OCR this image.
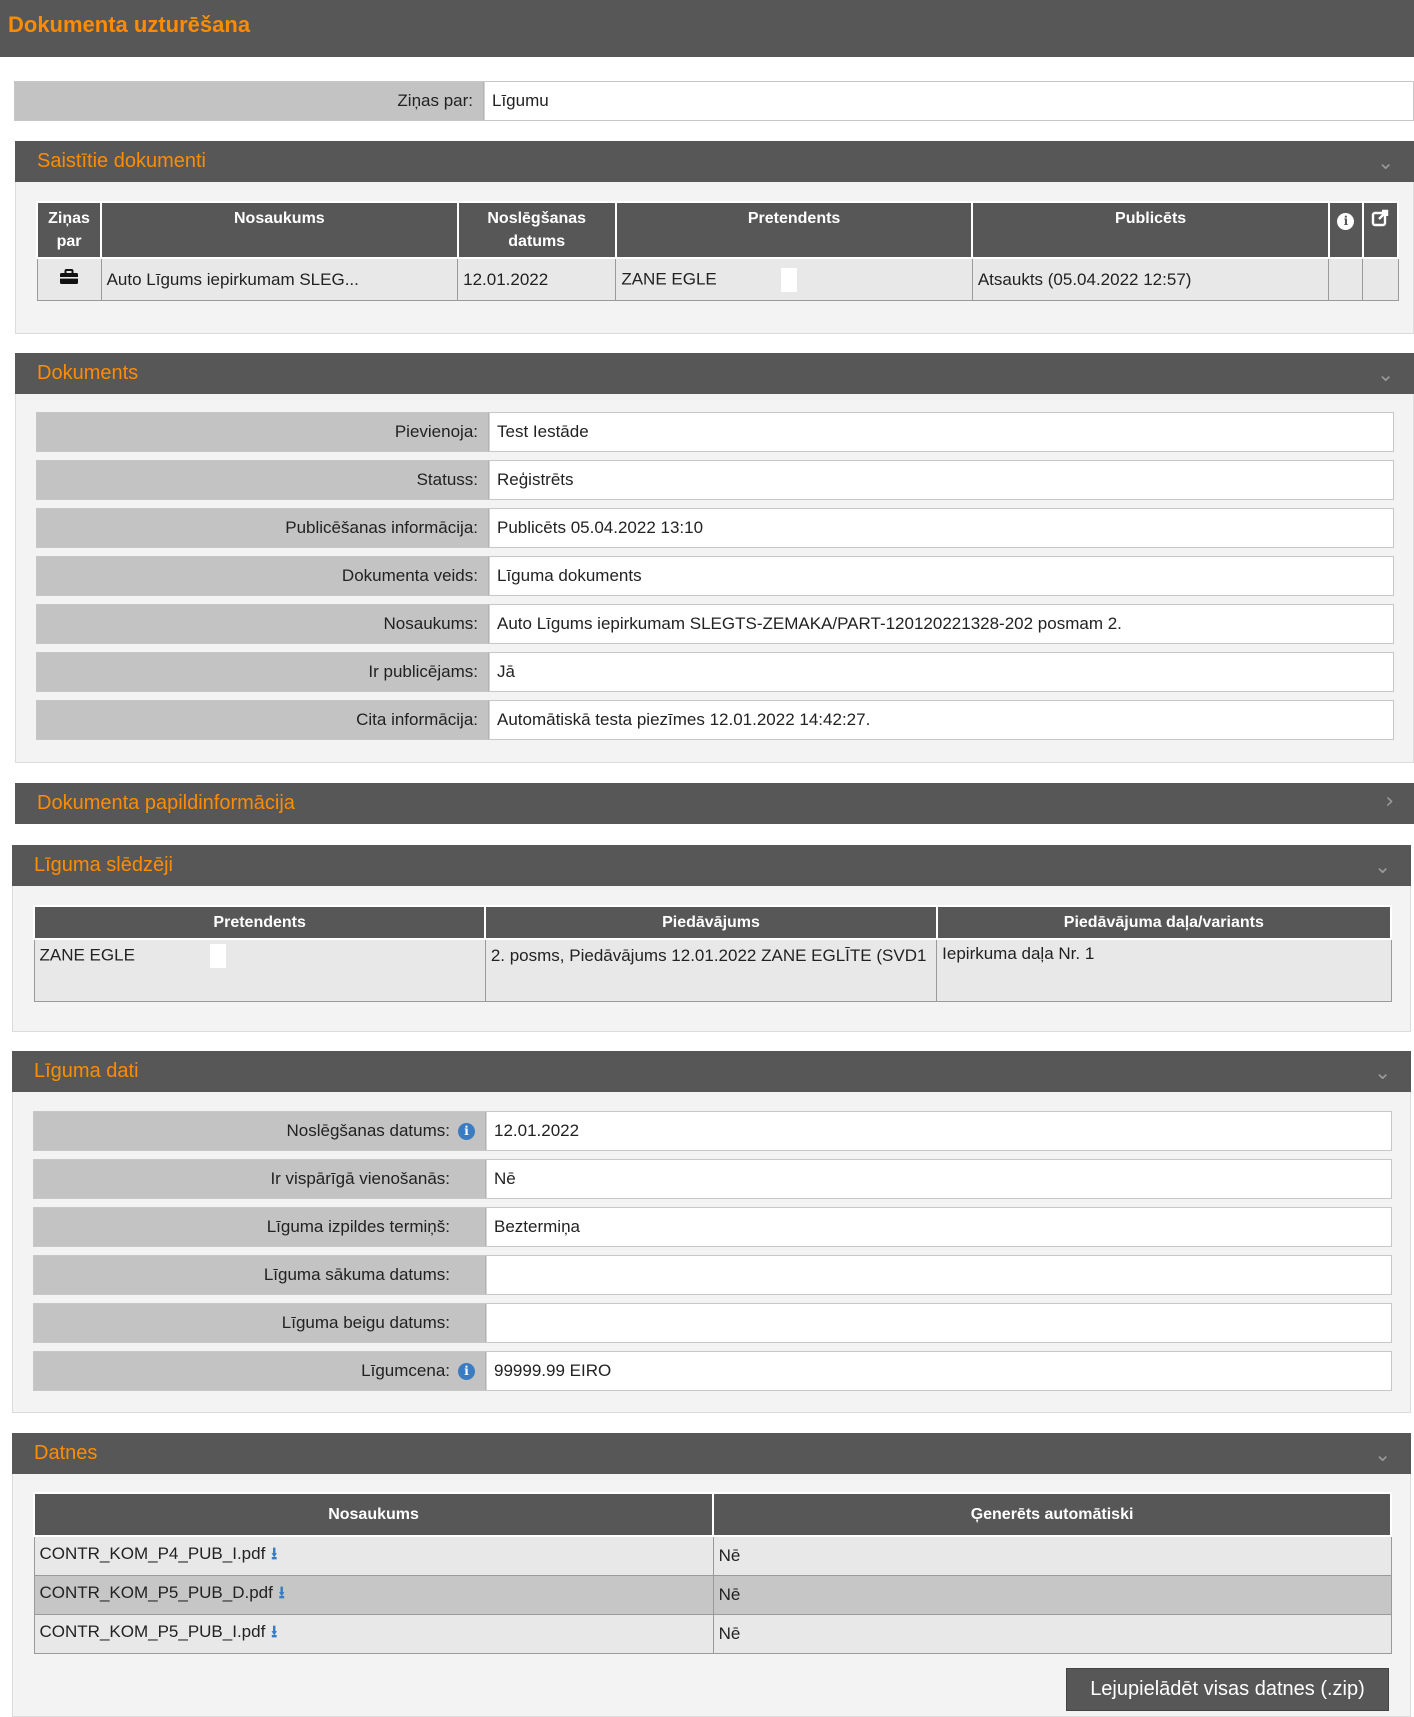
Dokumenta uzturēšana
Ziņas par:	Līgumu
Saistītie dokumenti	⌄
Ziņas par	Nosaukums	Noslēgšanas datums	Pretendents	Publicēts	i	
	Auto Līgums iepirkumam SLEG...	12.01.2022	ZANE EGLE	Atsaukts (05.04.2022 12:57)		
Dokuments	⌄
Pievienoja:	Test Iestāde
Statuss:	Reģistrēts
Publicēšanas informācija:	Publicēts 05.04.2022 13:10
Dokumenta veids:	Līguma dokuments
Nosaukums:	Auto Līgums iepirkumam SLEGTS-ZEMAKA/PART-120120221328-202 posmam 2.
Ir publicējams:	Jā
Cita informācija:	Automātiskā testa piezīmes 12.01.2022 14:42:27.
Dokumenta papildinformācija	›
Līguma slēdzēji	⌄
Pretendents	Piedāvājums	Piedāvājuma daļa/variants
ZANE EGLE	2. posms, Piedāvājums 12.01.2022 ZANE EGLĪTE (SVD1	Iepirkuma daļa Nr. 1
Līguma dati	⌄
Noslēgšanas datums:	i	12.01.2022
Ir vispārīgā vienošanās:	Nē
Līguma izpildes termiņš:	Beztermiņa
Līguma sākuma datums:
Līguma beigu datums:
Līgumcena:	i	99999.99 EIRO
Datnes	⌄
Nosaukums	Ģenerēts automātiski
CONTR_KOM_P4_PUB_I.pdf ⭳	Nē
CONTR_KOM_P5_PUB_D.pdf ⭳	Nē
CONTR_KOM_P5_PUB_I.pdf ⭳	Nē
Lejupielādēt visas datnes (.zip)
